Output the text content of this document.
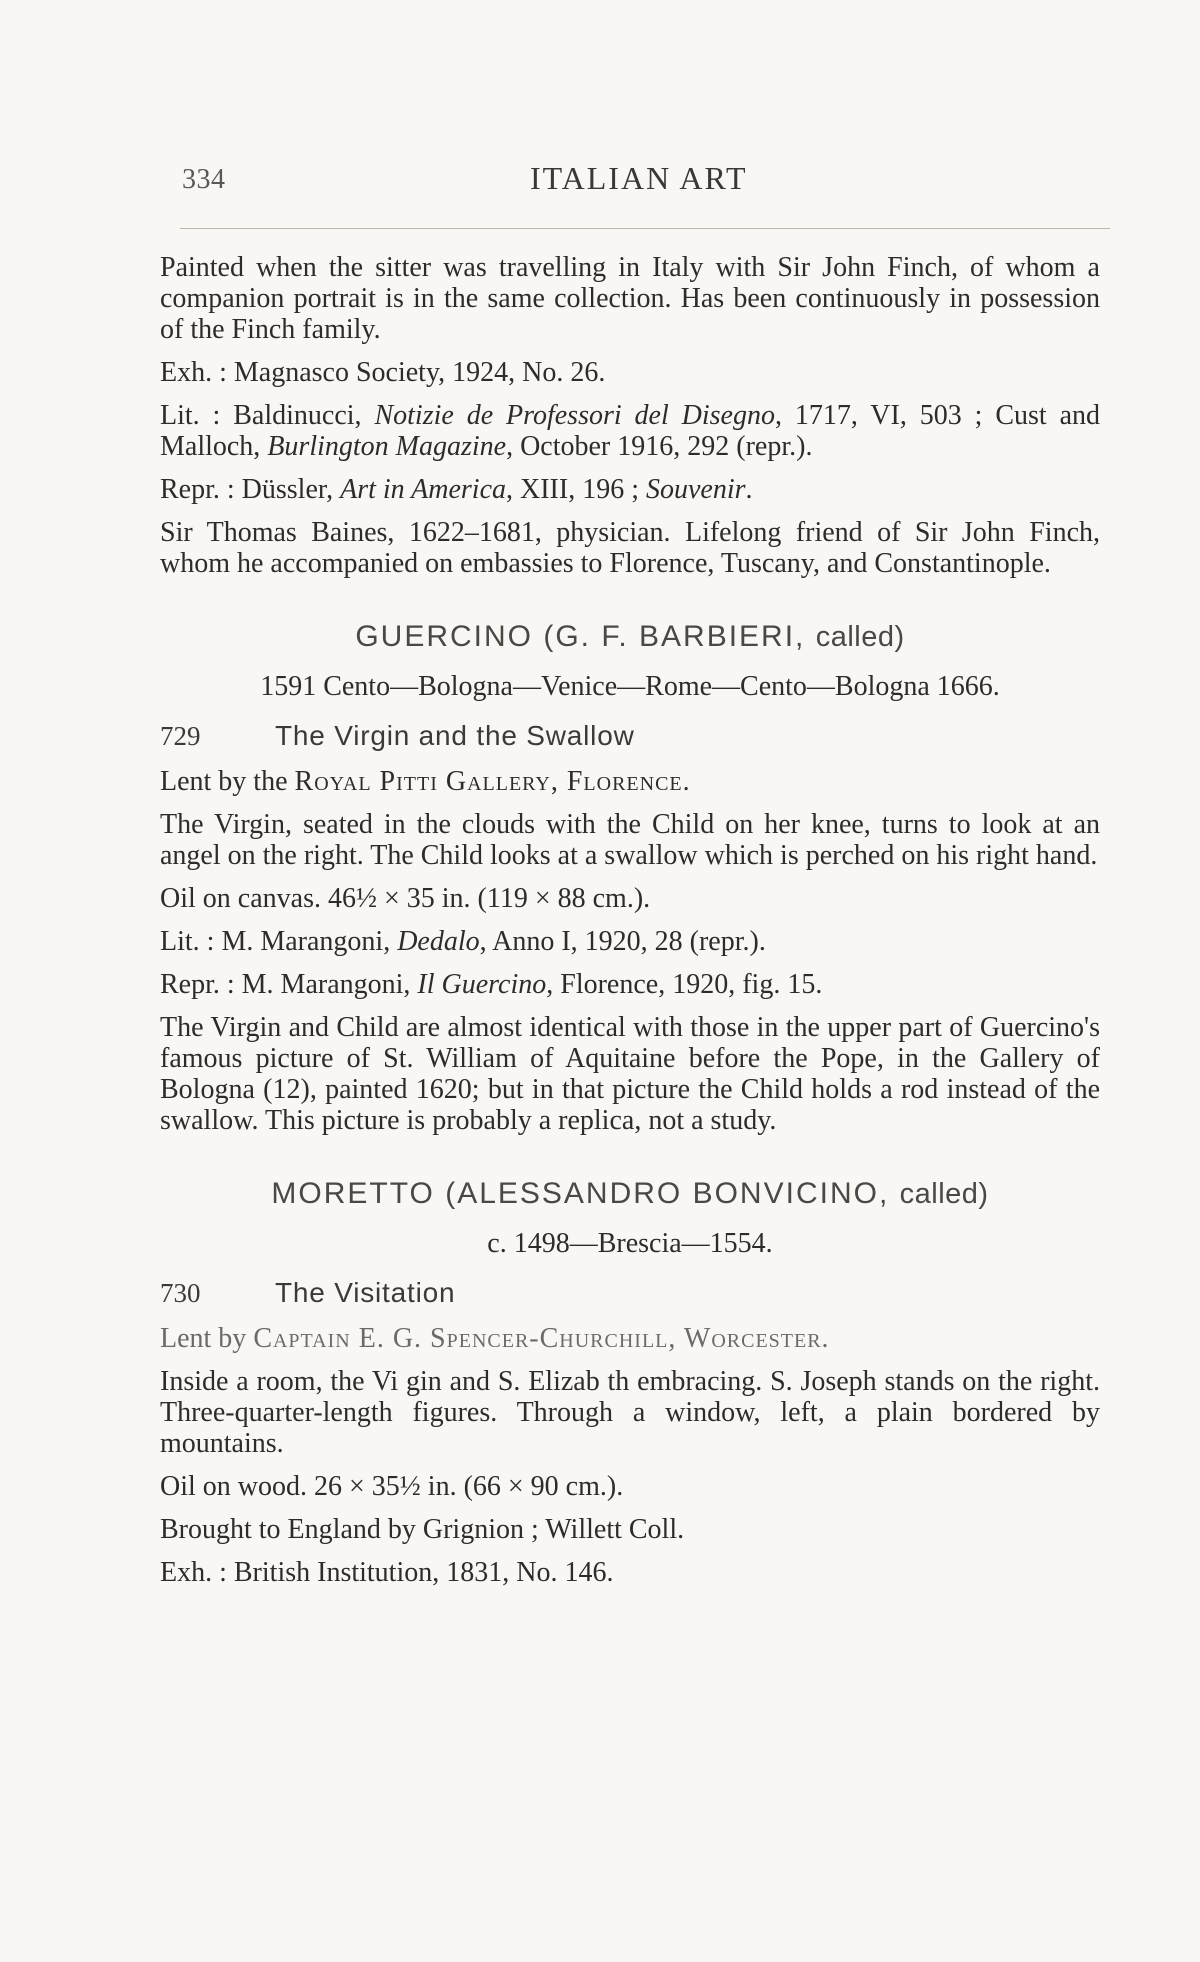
334	ITALIAN ART

Painted when the sitter was travelling in Italy with Sir John Finch, of whom a companion portrait is in the same collection. Has been continuously in possession of the Finch family.

Exh. : Magnasco Society, 1924, No. 26.

Lit. : Baldinucci, Notizie de Professori del Disegno, 1717, VI, 503 ; Cust and Malloch, Burlington Magazine, October 1916, 292 (repr.).

Repr. : Düssler, Art in America, XIII, 196 ; Souvenir.

Sir Thomas Baines, 1622–1681, physician. Lifelong friend of Sir John Finch, whom he accompanied on embassies to Florence, Tuscany, and Constantinople.

GUERCINO (G. F. BARBIERI, called)
1591 Cento—Bologna—Venice—Rome—Cento—Bologna 1666.
729	The Virgin and the Swallow

Lent by the Royal Pitti Gallery, Florence.

The Virgin, seated in the clouds with the Child on her knee, turns to look at an angel on the right. The Child looks at a swallow which is perched on his right hand.

Oil on canvas. 46½ × 35 in. (119 × 88 cm.).

Lit. : M. Marangoni, Dedalo, Anno I, 1920, 28 (repr.).

Repr. : M. Marangoni, Il Guercino, Florence, 1920, fig. 15.

The Virgin and Child are almost identical with those in the upper part of Guercino's famous picture of St. William of Aquitaine before the Pope, in the Gallery of Bologna (12), painted 1620; but in that picture the Child holds a rod instead of the swallow. This picture is probably a replica, not a study.

MORETTO (ALESSANDRO BONVICINO, called)
c. 1498—Brescia—1554.
730	The Visitation

Lent by Captain E. G. Spencer-Churchill, Worcester.

Inside a room, the Vi gin and S. Elizab th embracing. S. Joseph stands on the right. Three-quarter-length figures. Through a window, left, a plain bordered by mountains.

Oil on wood. 26 × 35½ in. (66 × 90 cm.).

Brought to England by Grignion ; Willett Coll.

Exh. : British Institution, 1831, No. 146.
